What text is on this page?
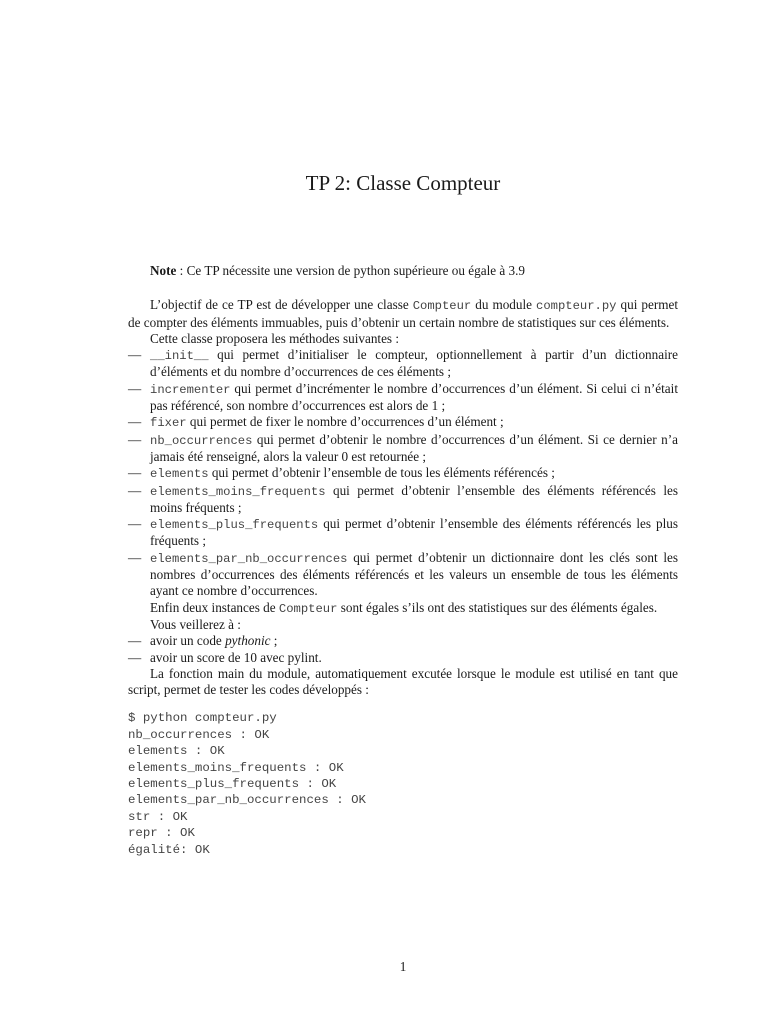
TP 2: Classe Compteur

Note : Ce TP nécessite une version de python supérieure ou égale à 3.9

L’objectif de ce TP est de développer une classe Compteur du module compteur.py qui permet de compter des éléments immuables, puis d’obtenir un certain nombre de statistiques sur ces éléments.

Cette classe proposera les méthodes suivantes :

— __init__ qui permet d’initialiser le compteur, optionnellement à partir d’un dictionnaire d’éléments et du nombre d’occurrences de ces éléments ;
— incrementer qui permet d’incrémenter le nombre d’occurrences d’un élément. Si celui ci n’était pas référencé, son nombre d’occurrences est alors de 1 ;
— fixer qui permet de fixer le nombre d’occurrences d’un élément ;
— nb_occurrences qui permet d’obtenir le nombre d’occurrences d’un élément. Si ce dernier n’a jamais été renseigné, alors la valeur 0 est retournée ;
— elements qui permet d’obtenir l’ensemble de tous les éléments référencés ;
— elements_moins_frequents qui permet d’obtenir l’ensemble des éléments référencés les moins fréquents ;
— elements_plus_frequents qui permet d’obtenir l’ensemble des éléments référencés les plus fréquents ;
— elements_par_nb_occurrences qui permet d’obtenir un dictionnaire dont les clés sont les nombres d’occurrences des éléments référencés et les valeurs un ensemble de tous les éléments ayant ce nombre d’occurrences.

Enfin deux instances de Compteur sont égales s’ils ont des statistiques sur des éléments égales.

Vous veillerez à :

— avoir un code pythonic ;
— avoir un score de 10 avec pylint.

La fonction main du module, automatiquement excutée lorsque le module est utilisé en tant que script, permet de tester les codes développés :

$ python compteur.py
nb_occurrences : OK
elements : OK
elements_moins_frequents : OK
elements_plus_frequents : OK
elements_par_nb_occurrences : OK
str : OK
repr : OK
égalité: OK
1
